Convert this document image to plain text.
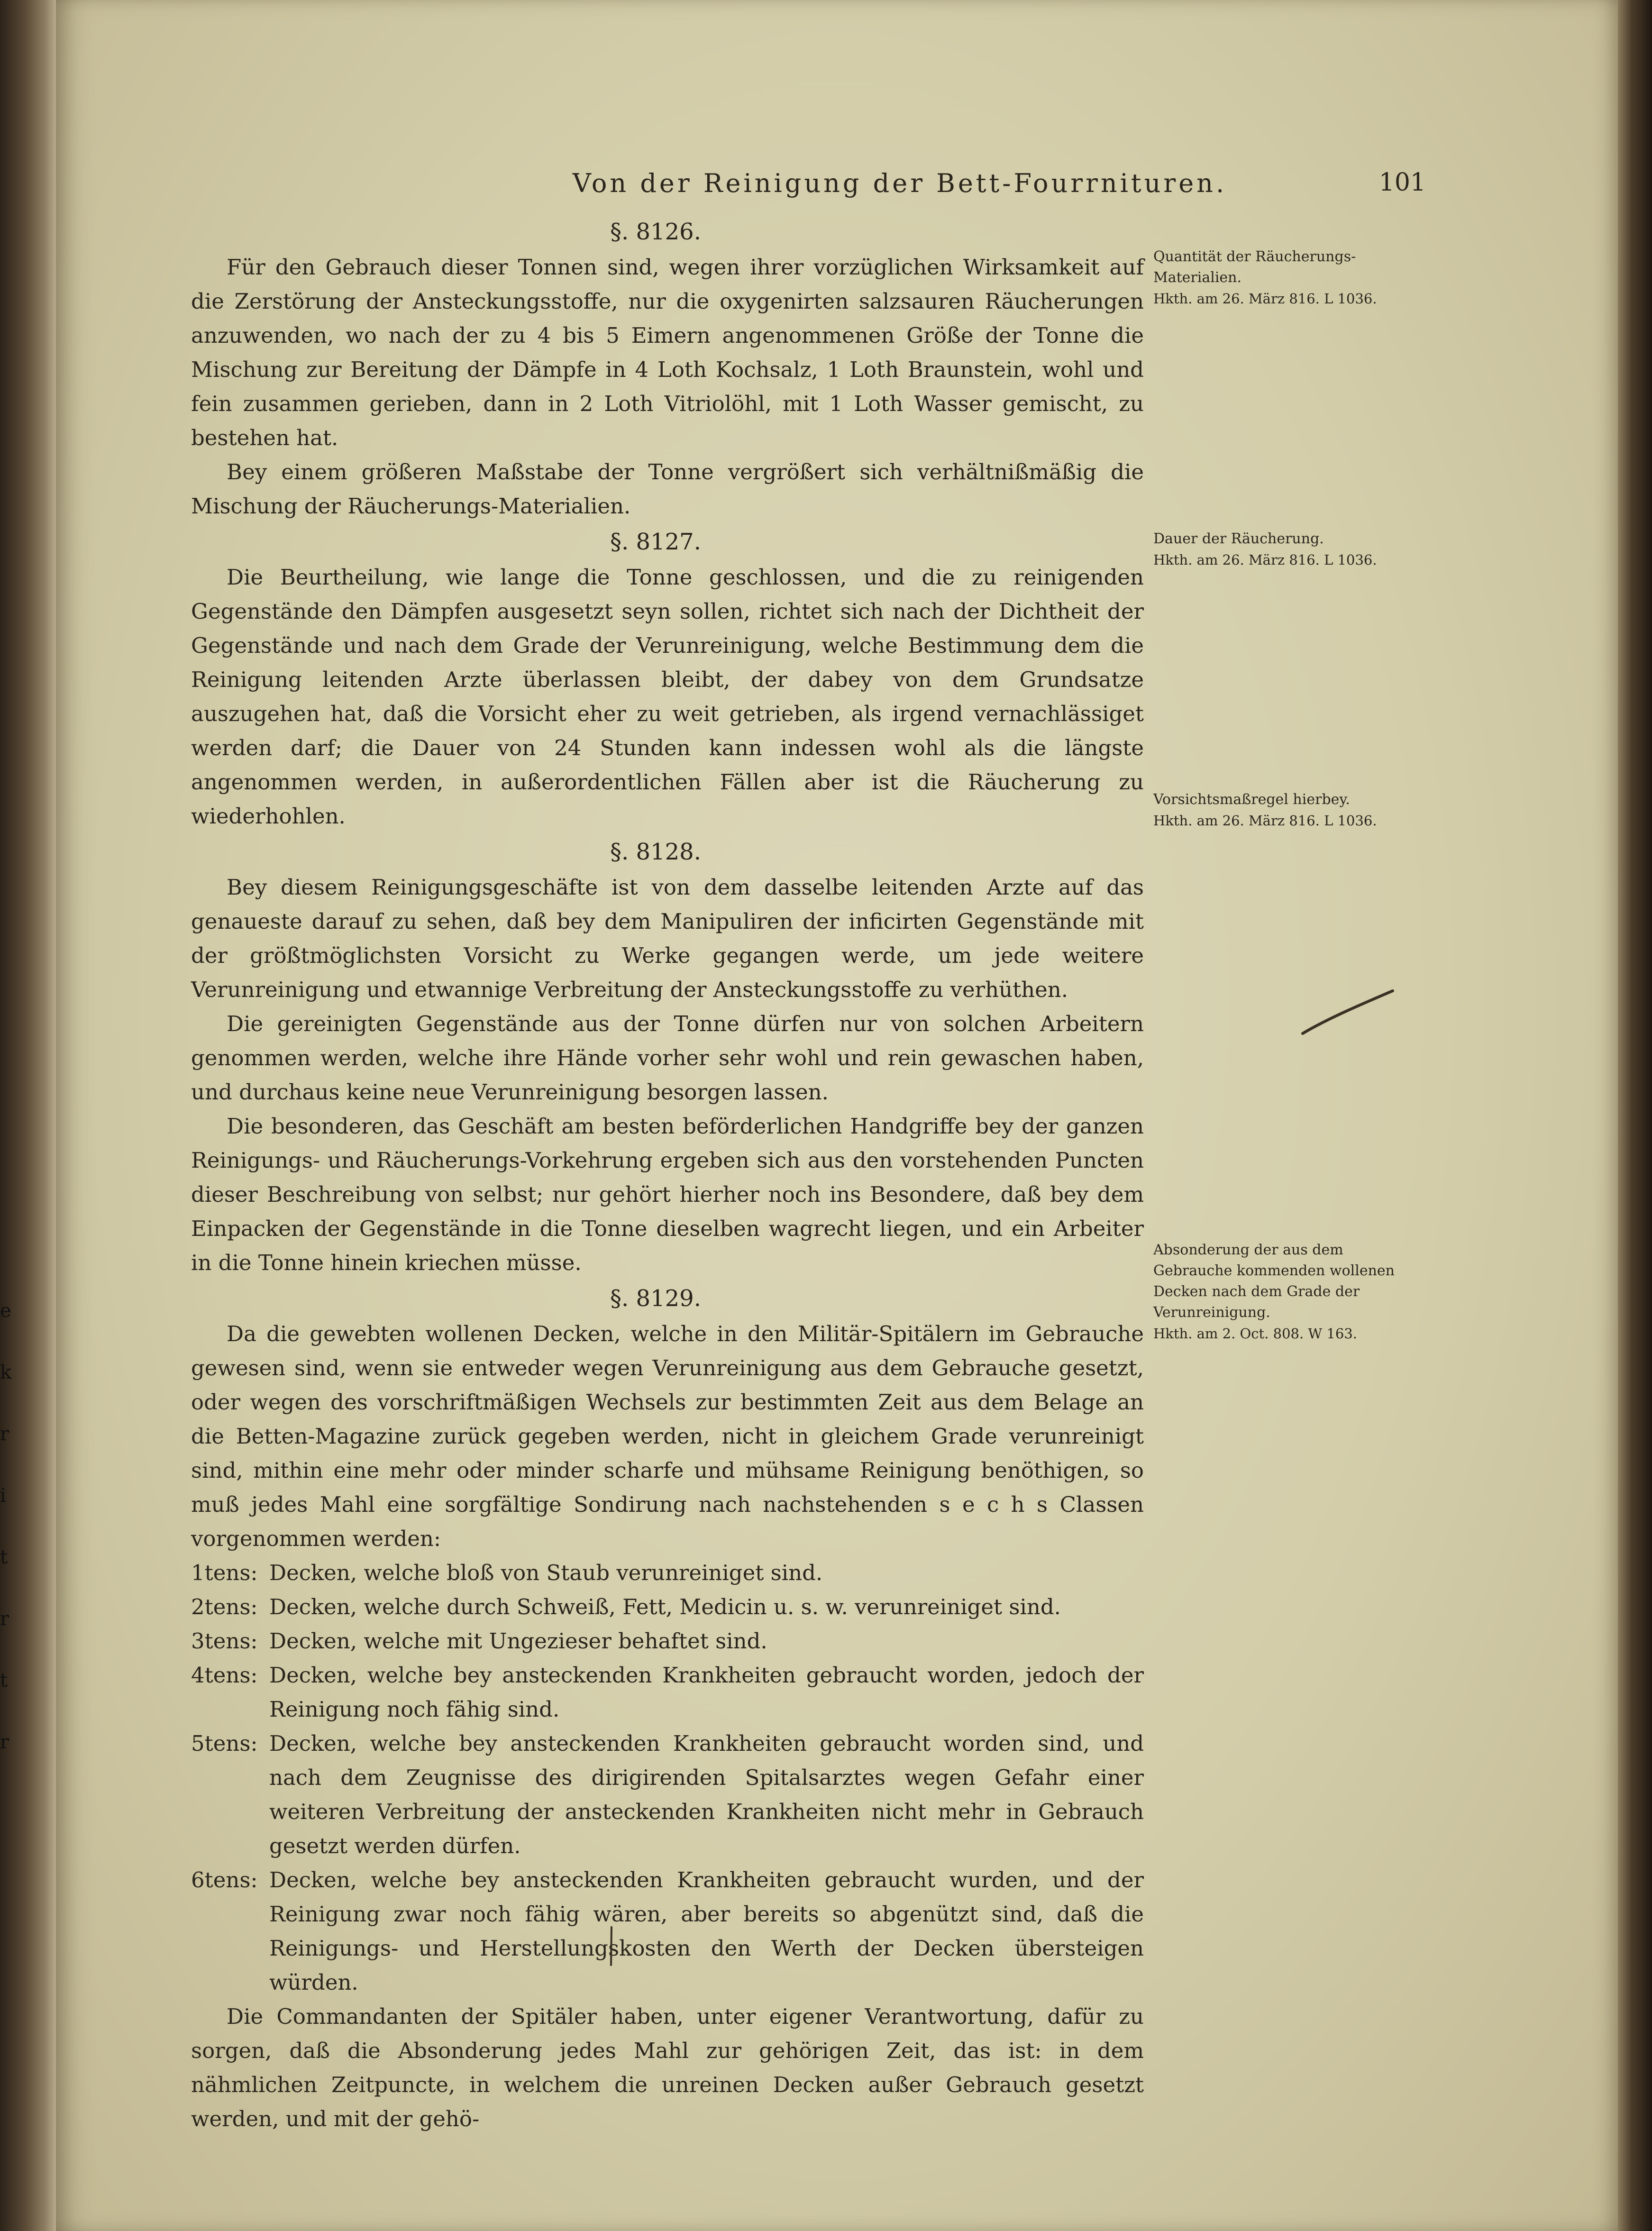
e
k
r
i
t
r
t
r
Von der Reinigung der Bett-Fourrnituren.	101
§. 8126.

Für den Gebrauch dieser Tonnen sind, wegen ihrer vorzüglichen Wirksamkeit auf die Zerstörung der Ansteckungsstoffe, nur die oxygenirten salzsauren Räucherungen anzuwenden, wo nach der zu 4 bis 5 Eimern angenommenen Größe der Tonne die Mischung zur Bereitung der Dämpfe in 4 Loth Kochsalz, 1 Loth Braunstein, wohl und fein zusammen gerieben, dann in 2 Loth Vitriolöhl, mit 1 Loth Wasser gemischt, zu bestehen hat.

Bey einem größeren Maßstabe der Tonne vergrößert sich verhältnißmäßig die Mischung der Räucherungs-Materialien.

§. 8127.

Die Beurtheilung, wie lange die Tonne geschlossen, und die zu reinigenden Gegenstände den Dämpfen ausgesetzt seyn sollen, richtet sich nach der Dichtheit der Gegenstände und nach dem Grade der Verunreinigung, welche Bestimmung dem die Reinigung leitenden Arzte überlassen bleibt, der dabey von dem Grundsatze auszugehen hat, daß die Vorsicht eher zu weit getrieben, als irgend vernachlässiget werden darf; die Dauer von 24 Stunden kann indessen wohl als die längste angenommen werden, in außerordentlichen Fällen aber ist die Räucherung zu wiederhohlen.

§. 8128.

Bey diesem Reinigungsgeschäfte ist von dem dasselbe leitenden Arzte auf das genaueste darauf zu sehen, daß bey dem Manipuliren der inficirten Gegenstände mit der größtmöglichsten Vorsicht zu Werke gegangen werde, um jede weitere Verunreinigung und etwannige Verbreitung der Ansteckungsstoffe zu verhüthen.

Die gereinigten Gegenstände aus der Tonne dürfen nur von solchen Arbeitern genommen werden, welche ihre Hände vorher sehr wohl und rein gewaschen haben, und durchaus keine neue Verunreinigung besorgen lassen.

Die besonderen, das Geschäft am besten beförderlichen Handgriffe bey der ganzen Reinigungs- und Räucherungs-Vorkehrung ergeben sich aus den vorstehenden Puncten dieser Beschreibung von selbst; nur gehört hierher noch ins Besondere, daß bey dem Einpacken der Gegenstände in die Tonne dieselben wagrecht liegen, und ein Arbeiter in die Tonne hinein kriechen müsse.

§. 8129.

Da die gewebten wollenen Decken, welche in den Militär-Spitälern im Gebrauche gewesen sind, wenn sie entweder wegen Verunreinigung aus dem Gebrauche gesetzt, oder wegen des vorschriftmäßigen Wechsels zur bestimmten Zeit aus dem Belage an die Betten-Magazine zurück gegeben werden, nicht in gleichem Grade verunreinigt sind, mithin eine mehr oder minder scharfe und mühsame Reinigung benöthigen, so muß jedes Mahl eine sorgfältige Sondirung nach nachstehenden s e c h s Classen vorgenommen werden:

1tens: Decken, welche bloß von Staub verunreiniget sind.
2tens: Decken, welche durch Schweiß, Fett, Medicin u. s. w. verunreiniget sind.
3tens: Decken, welche mit Ungezieser behaftet sind.
4tens: Decken, welche bey ansteckenden Krankheiten gebraucht worden, jedoch der Reinigung noch fähig sind.
5tens: Decken, welche bey ansteckenden Krankheiten gebraucht worden sind, und nach dem Zeugnisse des dirigirenden Spitalsarztes wegen Gefahr einer weiteren Verbreitung der ansteckenden Krankheiten nicht mehr in Gebrauch gesetzt werden dürfen.
6tens: Decken, welche bey ansteckenden Krankheiten gebraucht wurden, und der Reinigung zwar noch fähig wären, aber bereits so abgenützt sind, daß die Reinigungs- und Herstellungskosten den Werth der Decken übersteigen würden.

Die Commandanten der Spitäler haben, unter eigener Verantwortung, dafür zu sorgen, daß die Absonderung jedes Mahl zur gehörigen Zeit, das ist: in dem nähmlichen Zeitpuncte, in welchem die unreinen Decken außer Gebrauch gesetzt werden, und mit der gehö-

Quantität der Räucherungs-Materialien.

Hkth. am 26. März 816. L 1036.

Dauer der Räucherung.

Hkth. am 26. März 816. L 1036.

Vorsichtsmaßregel hierbey.

Hkth. am 26. März 816. L 1036.

Absonderung der aus dem Gebrauche kommenden wollenen Decken nach dem Grade der Verunreinigung.

Hkth. am 2. Oct. 808. W 163.
